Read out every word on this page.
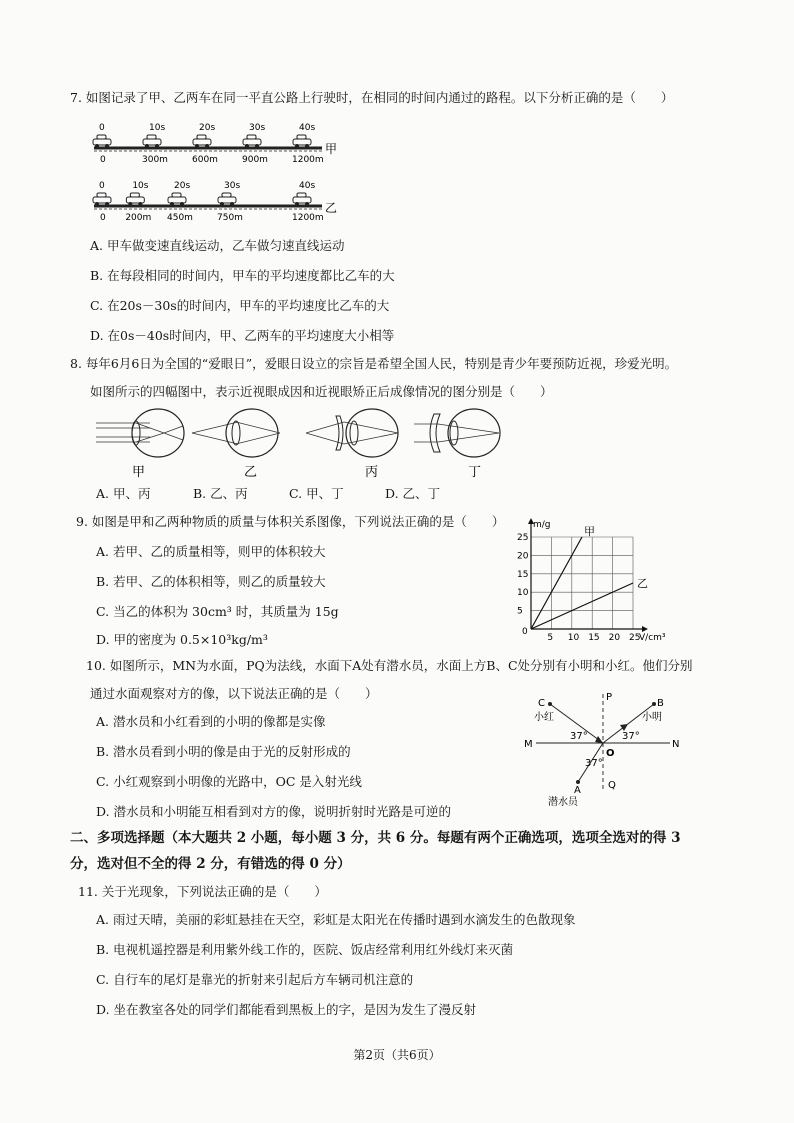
7. 如图记录了甲、乙两车在同一平直公路上行驶时，在相同的时间内通过的路程。以下分析正确的是（　　）
0
0
10s
300m
20s
600m
30s
900m
40s
1200m
0
0
10s
200m
20s
450m
30s
750m
40s
1200m
甲
乙
A. 甲车做变速直线运动，乙车做匀速直线运动
B. 在每段相同的时间内，甲车的平均速度都比乙车的大
C. 在20s－30s的时间内，甲车的平均速度比乙车的大
D. 在0s－40s时间内，甲、乙两车的平均速度大小相等
8. 每年6月6日为全国的“爱眼日”，爱眼日设立的宗旨是希望全国人民，特别是青少年要预防近视，珍爱光明。
如图所示的四幅图中，表示近视眼成因和近视眼矫正后成像情况的图分别是（　　）
甲	乙	丙	丁
A. 甲、丙	B. 乙、丙	C. 甲、丁	D. 乙、丁
9. 如图是甲和乙两种物质的质量与体积关系图像，下列说法正确的是（　　）
A. 若甲、乙的质量相等，则甲的体积较大
B. 若甲、乙的体积相等，则乙的质量较大
C. 当乙的体积为 30cm³ 时，其质量为 15g
D. 甲的密度为 0.5×10³kg/m³	5 10 15 20 25
5
10
15
20
25	甲
乙
m/g
V/cm³
0
10. 如图所示，MN为水面，PQ为法线，水面下A处有潜水员，水面上方B、C处分别有小明和小红。他们分别
通过水面观察对方的像，以下说法正确的是（　　）
A. 潜水员和小红看到的小明的像都是实像
B. 潜水员看到小明的像是由于光的反射形成的
C. 小红观察到小明像的光路中，OC 是入射光线
D. 潜水员和小明能互相看到对方的像，说明折射时光路是可逆的
C
小红
P
B
小明
37°	37°
M
O
N
37°
Q
A
潜水员
二、多项选择题（本大题共 2 小题，每小题 3 分，共 6 分。每题有两个正确选项，选项全选对的得 3
分，选对但不全的得 2 分，有错选的得 0 分）
11. 关于光现象，下列说法正确的是（　　）
A. 雨过天晴，美丽的彩虹悬挂在天空，彩虹是太阳光在传播时遇到水滴发生的色散现象
B. 电视机遥控器是利用紫外线工作的，医院、饭店经常利用红外线灯来灭菌
C. 自行车的尾灯是靠光的折射来引起后方车辆司机注意的
D. 坐在教室各处的同学们都能看到黑板上的字，是因为发生了漫反射
第2页（共6页）
